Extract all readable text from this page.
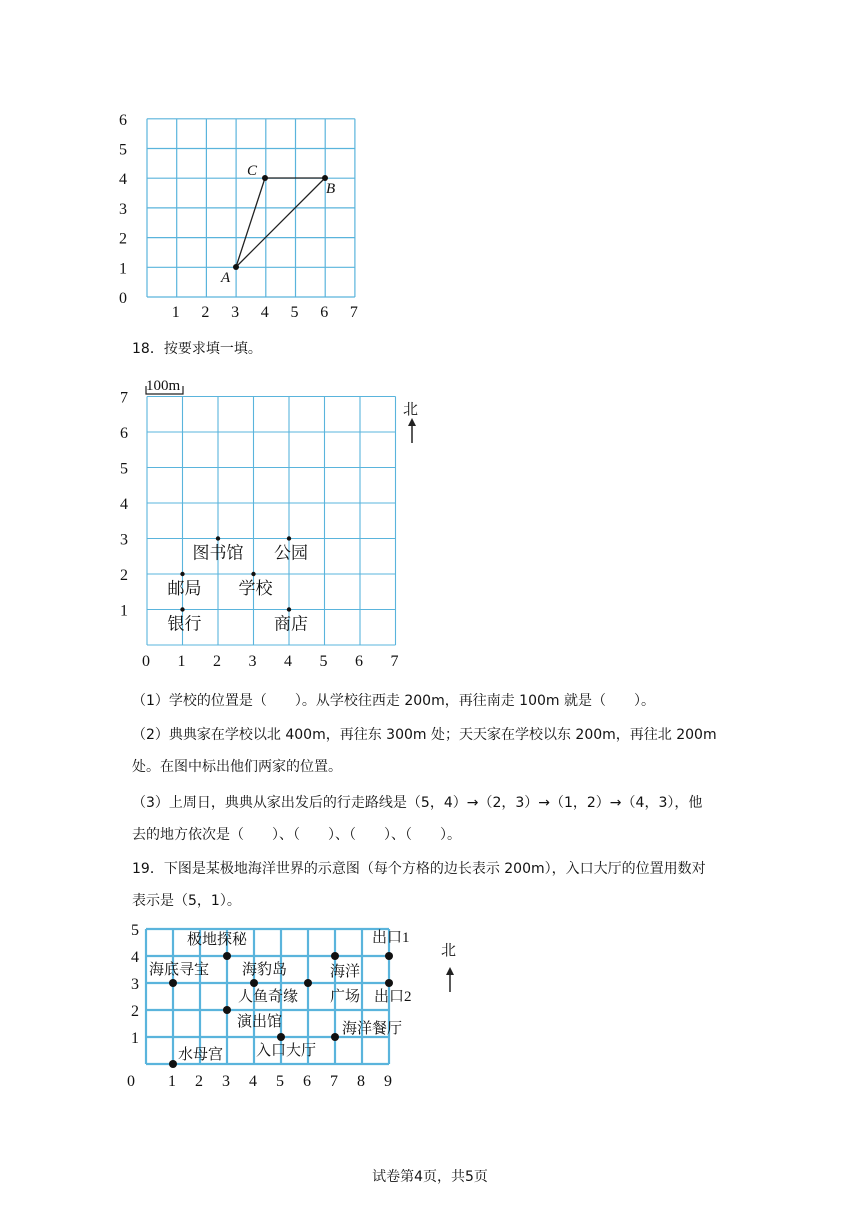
1 2 3 4 5 6 7
0
1
2
3
4
5
6
A
B
C
18．按要求填一填。
100m
0 1 2 3 4 5 6 7
1
2
3
4
5
6
7
图书馆 公园
邮局 学校
银行	商店
北
（1）学校的位置是（　　）。从学校往西走 200m，再往南走 100m 就是（　　）。
（2）典典家在学校以北 400m，再往东 300m 处；天天家在学校以东 200m，再往北 200m
处。在图中标出他们两家的位置。
（3）上周日，典典从家出发后的行走路线是（5，4）→（2，3）→（1，2）→（4，3），他
去的地方依次是（　　）、（　　）、（　　）、（　　）。
19．下图是某极地海洋世界的示意图（每个方格的边长表示 200m），入口大厅的位置用数对
表示是（5，1）。
0 1 2 3 4 5 6 7 8 9
1
2
3
4
5
极地探秘
海底寻宝 海豹岛
人鱼奇缘
海洋
广场
出口1
出口2
演出馆	海洋餐厅
入口大厅
水母宫
北
试卷第4页，共5页
